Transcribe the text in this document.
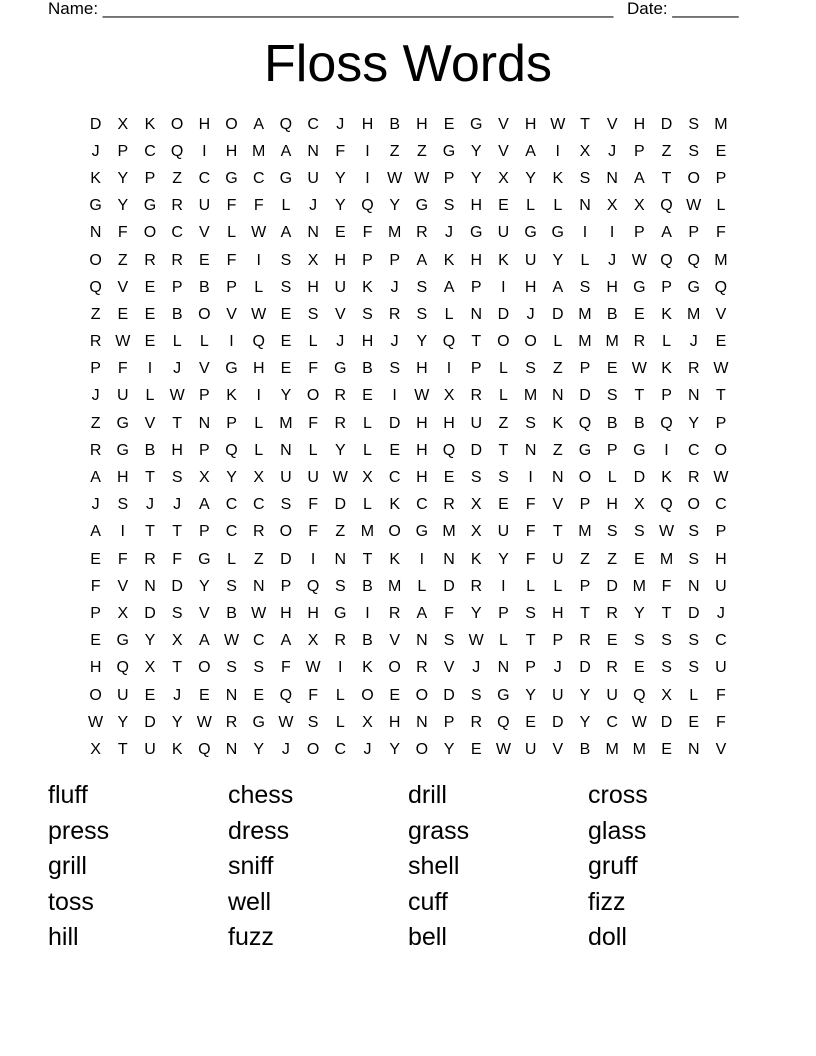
Name: ______________________________________________________ Date: _______
Floss Words
D	X	K O H O A Q C	J	H	B	H	E G V	H W T	V	H D	S M
J	P	C Q	I	H M A	N	F	I	Z	Z	G Y	V	A	I	X	J	P	Z	S	E
K	Y	P	Z	C G C G U	Y	I	W W P	Y	X	Y	K	S	N	A	T	O P
G Y G R U	F	F	L	J	Y Q Y G S	H	E	L	L	N	X	X Q W L
N	F	O C	V	L W A	N	E	F M R	J	G U G G	I	I	P	A	P	F
O	Z	R R	E	F	I	S	X	H	P	P	A	K	H	K	U	Y	L	J W Q Q M
Q V	E	P	B	P	L	S	H U	K	J	S	A	P	I	H	A	S	H G P G Q
Z	E	E	B O V W E	S	V	S	R	S	L	N D	J	D M B	E	K M V
R W E	L	L	I	Q E	L	J	H	J	Y Q	T	O O	L	M M R	L	J	E
P	F	I	J	V G H	E	F	G B	S	H	I	P	L	S	Z	P	E W K	R W
J	U	L W P	K	I	Y O R	E	I	W X	R	L	M N D	S	T	P	N	T
Z	G V	T	N	P	L	M F	R	L	D H H U	Z	S	K Q B	B Q Y	P
R G B	H	P Q	L	N	L	Y	L	E	H Q D	T	N	Z	G P G	I	C O
A	H	T	S	X	Y	X	U U W X	C H	E	S	S	I	N O	L	D	K	R W
J	S	J	J	A	C C	S	F	D	L	K	C R	X	E	F	V	P	H	X Q O C
A	I	T	T	P	C R O	F	Z M O G M X	U	F	T M S	S W S	P
E	F	R	F	G	L	Z	D	I	N	T	K	I	N	K	Y	F	U	Z	Z	E M S	H
F	V	N D	Y	S	N	P Q S	B M	L	D R	I	L	L	P	D M F	N U
P	X	D	S	V	B W H H G	I	R	A	F	Y	P	S	H	T	R	Y	T	D	J
E G Y	X	A W C	A	X	R	B	V	N	S W L	T	P	R	E	S	S	S	C
H Q X	T	O S	S	F W	I	K O R	V	J	N	P	J	D R	E	S	S	U
O U	E	J	E	N	E Q	F	L	O E O D	S G Y	U	Y	U Q X	L	F
W Y	D	Y W R G W S	L	X	H N	P	R Q E	D	Y	C W D	E	F
X	T	U	K Q N	Y	J	O C	J	Y O Y	E W U	V	B M M E	N	V
fluff	chess	drill	cross
press	dress	grass	glass
grill	sniff	shell	gruff
toss	well	cuff	fizz
hill	fuzz	bell	doll
